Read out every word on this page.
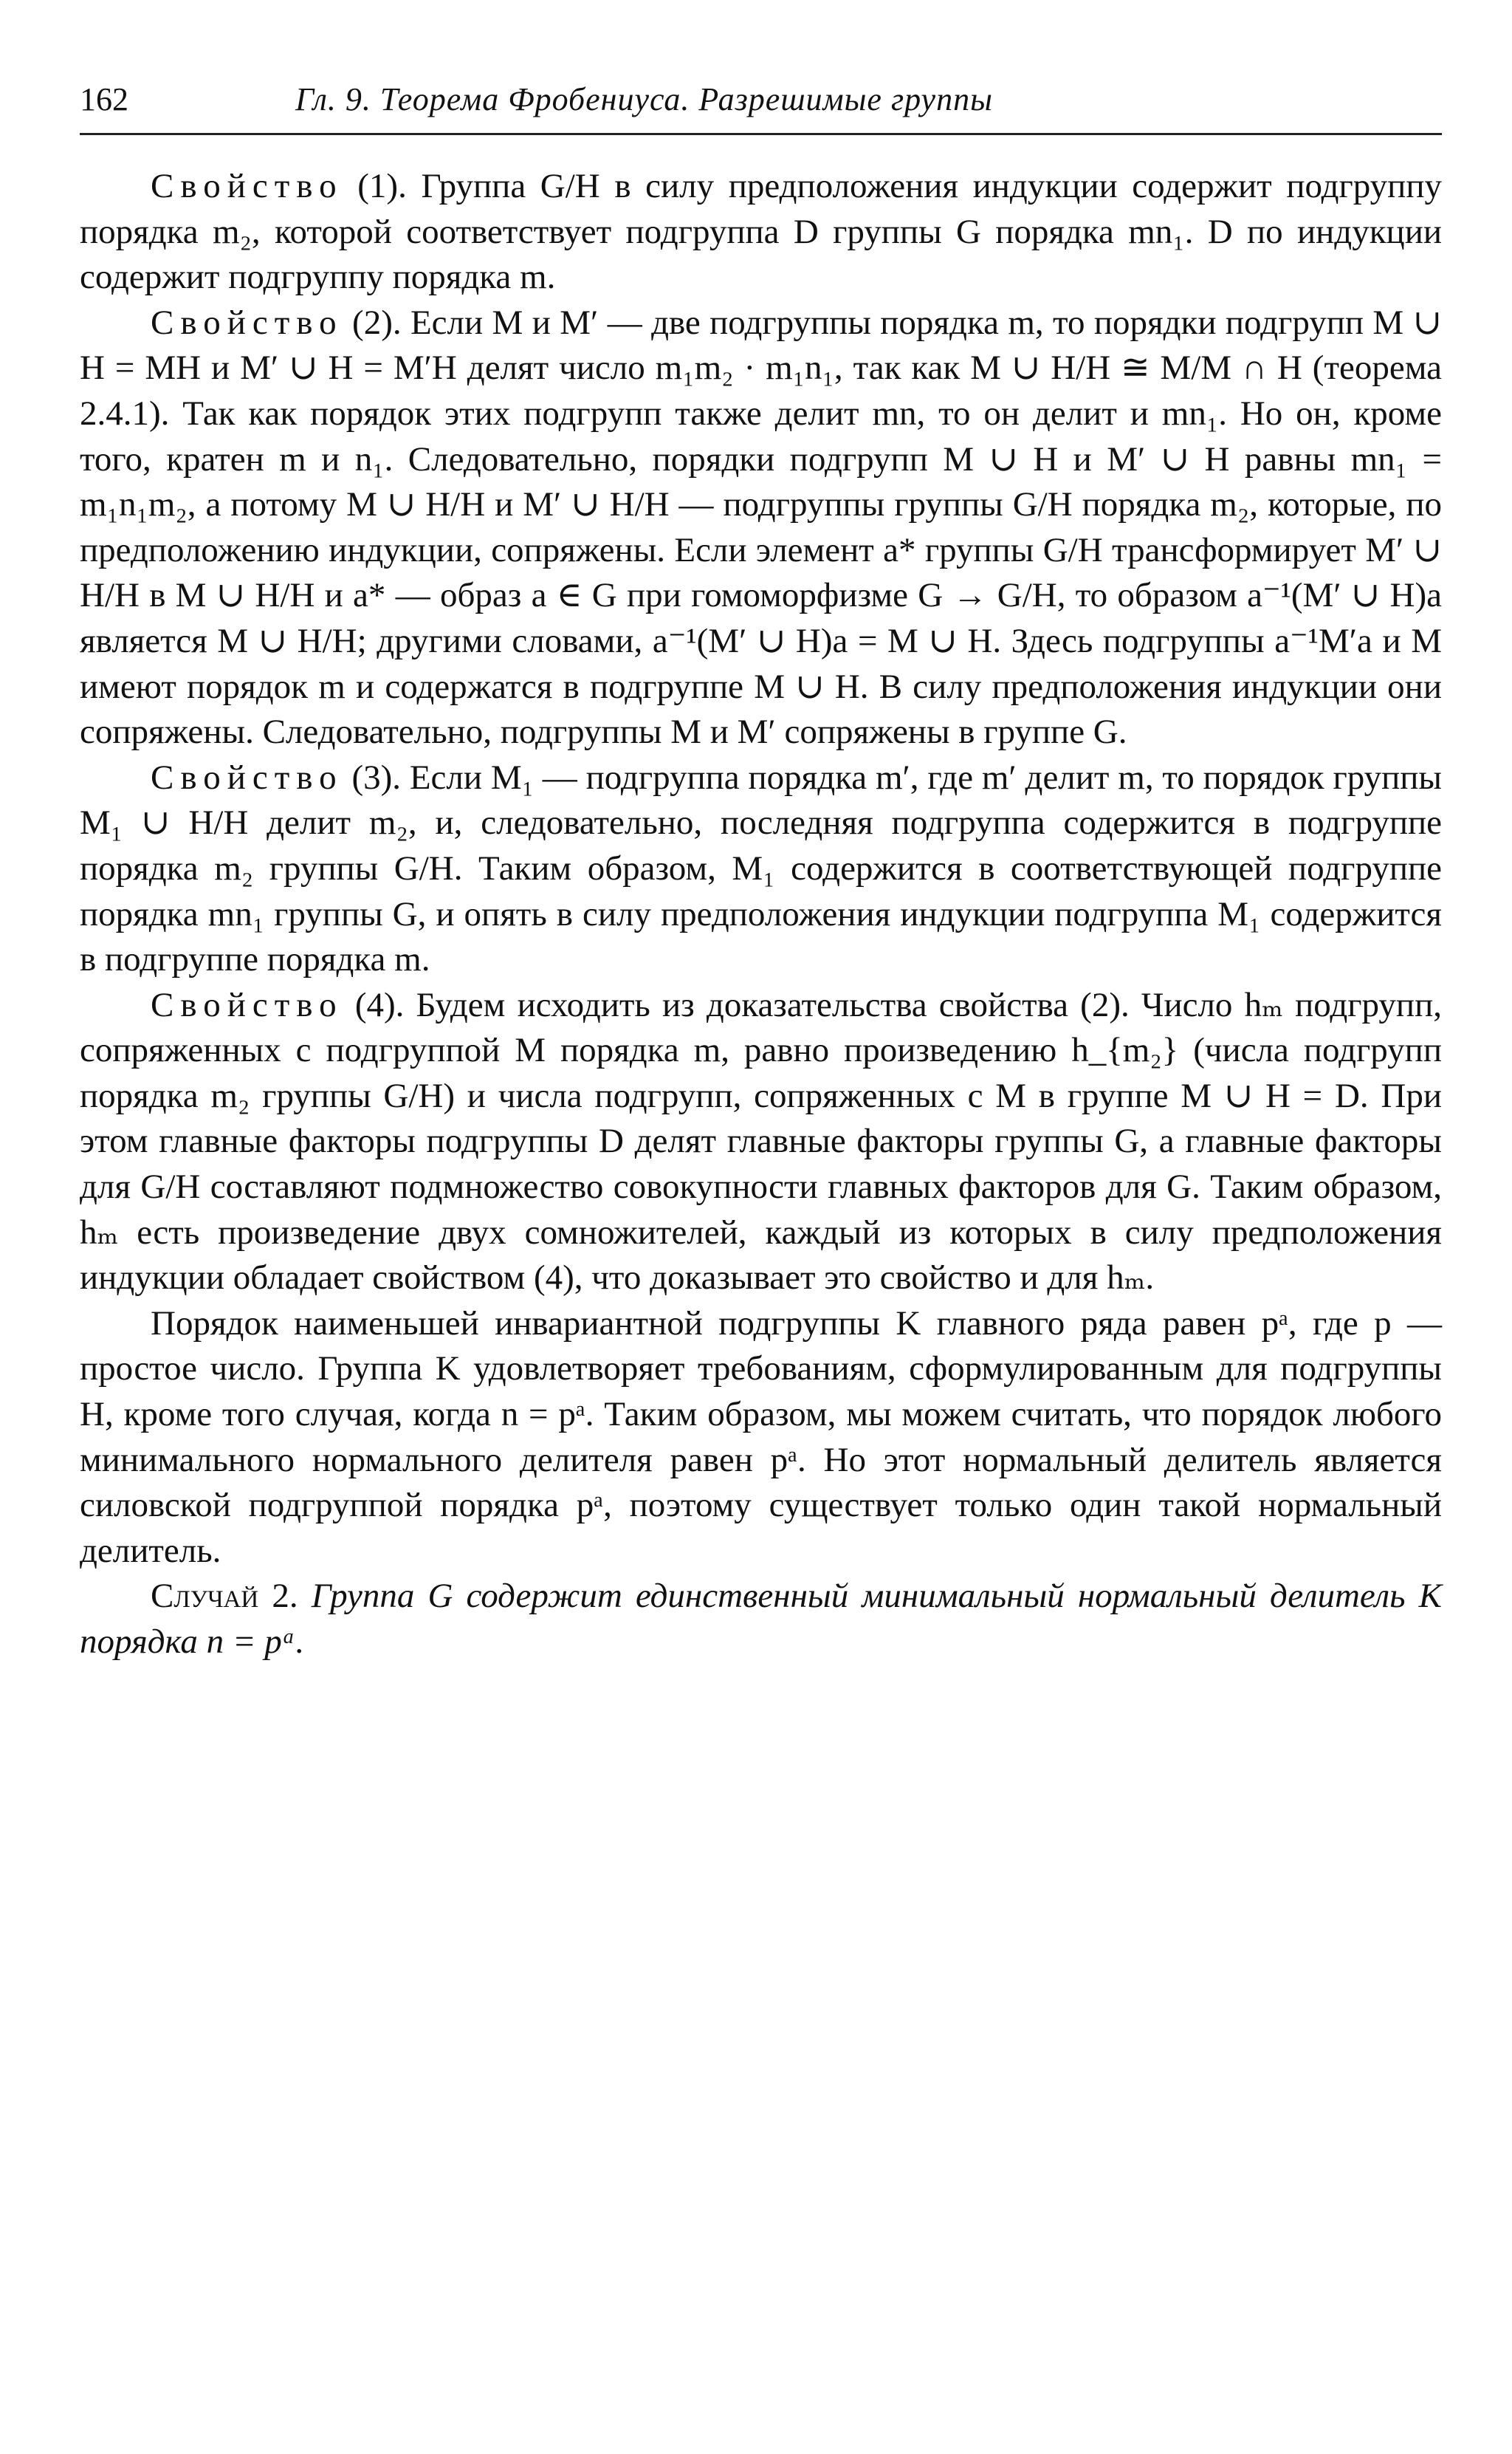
162	Гл. 9. Теорема Фробениуса. Разрешимые группы

Свойство (1). Группа G/H в силу предположения индукции содержит подгруппу порядка m₂, которой соответствует подгруппа D группы G порядка mn₁. D по индукции содержит подгруппу порядка m.

Свойство (2). Если M и M′ — две подгруппы порядка m, то порядки подгрупп M ∪ H = MH и M′ ∪ H = M′H делят число m₁m₂ · m₁n₁, так как M ∪ H/H ≅ M/M ∩ H (теорема 2.4.1). Так как порядок этих подгрупп также делит mn, то он делит и mn₁. Но он, кроме того, кратен m и n₁. Следовательно, порядки подгрупп M ∪ H и M′ ∪ H равны mn₁ = m₁n₁m₂, а потому M ∪ H/H и M′ ∪ H/H — подгруппы группы G/H порядка m₂, которые, по предположению индукции, сопряжены. Если элемент a* группы G/H трансформирует M′ ∪ H/H в M ∪ H/H и a* — образ a ∈ G при гомоморфизме G → G/H, то образом a⁻¹(M′ ∪ H)a является M ∪ H/H; другими словами, a⁻¹(M′ ∪ H)a = M ∪ H. Здесь подгруппы a⁻¹M′a и M имеют порядок m и содержатся в подгруппе M ∪ H. В силу предположения индукции они сопряжены. Следовательно, подгруппы M и M′ сопряжены в группе G.

Свойство (3). Если M₁ — подгруппа порядка m′, где m′ делит m, то порядок группы M₁ ∪ H/H делит m₂, и, следовательно, последняя подгруппа содержится в подгруппе порядка m₂ группы G/H. Таким образом, M₁ содержится в соответствующей подгруппе порядка mn₁ группы G, и опять в силу предположения индукции подгруппа M₁ содержится в подгруппе порядка m.

Свойство (4). Будем исходить из доказательства свойства (2). Число hₘ подгрупп, сопряженных с подгруппой M порядка m, равно произведению h_{m₂} (числа подгрупп порядка m₂ группы G/H) и числа подгрупп, сопряженных с M в группе M ∪ H = D. При этом главные факторы подгруппы D делят главные факторы группы G, а главные факторы для G/H составляют подмножество совокупности главных факторов для G. Таким образом, hₘ есть произведение двух сомножителей, каждый из которых в силу предположения индукции обладает свойством (4), что доказывает это свойство и для hₘ.

Порядок наименьшей инвариантной подгруппы K главного ряда равен pᵃ, где p — простое число. Группа K удовлетворяет требованиям, сформулированным для подгруппы H, кроме того случая, когда n = pᵃ. Таким образом, мы можем считать, что порядок любого минимального нормального делителя равен pᵃ. Но этот нормальный делитель является силовской подгруппой порядка pᵃ, поэтому существует только один такой нормальный делитель.

Случай 2. Группа G содержит единственный минимальный нормальный делитель K порядка n = pᵃ.
